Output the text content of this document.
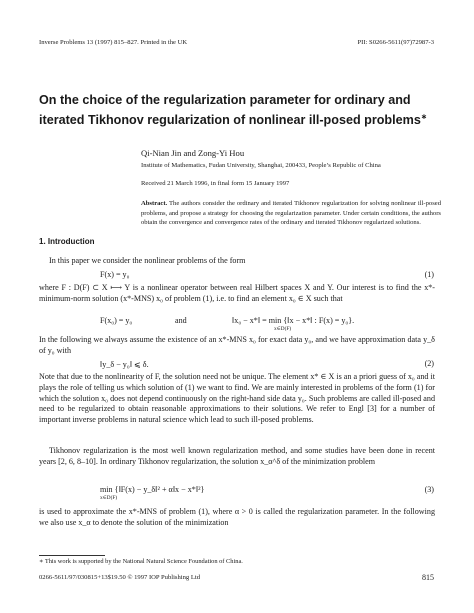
Inverse Problems 13 (1997) 815–827. Printed in the UK	PII: S0266-5611(97)72987-3
On the choice of the regularization parameter for ordinary and iterated Tikhonov regularization of nonlinear ill-posed problems∗
Qi-Nian Jin and Zong-Yi Hou
Institute of Mathematics, Fudan University, Shanghai, 200433, People’s Republic of China
Received 21 March 1996, in final form 15 January 1997
Abstract. The authors consider the ordinary and iterated Tikhonov regularization for solving nonlinear ill-posed problems, and propose a strategy for choosing the regularization parameter. Under certain conditions, the authors obtain the convergence and convergence rates of the ordinary and iterated Tikhonov regularized solutions.
1. Introduction
In this paper we consider the nonlinear problems of the form
F(x) = y₀	(1)
where F : D(F) ⊂ X ⟼ Y is a nonlinear operator between real Hilbert spaces X and Y. Our interest is to find the x*-minimum-norm solution (x*-MNS) x₀ of problem (1), i.e. to find an element x₀ ∈ X such that
F(x₀) = y₀	and	‖x₀ − x*‖ = min {‖x − x*‖ : F(x) = y₀}.
x∈D(F)
In the following we always assume the existence of an x*-MNS x₀ for exact data y₀, and we have approximation data y_δ of y₀ with
‖y_δ − y₀‖ ⩽ δ.	(2)
Note that due to the nonlinearity of F, the solution need not be unique. The element x* ∈ X is an a priori guess of x₀ and it plays the role of telling us which solution of (1) we want to find. We are mainly interested in problems of the form (1) for which the solution x₀ does not depend continuously on the right-hand side data y₀. Such problems are called ill-posed and need to be regularized to obtain reasonable approximations to their solutions. We refer to Engl [3] for a number of important inverse problems in natural science which lead to such ill-posed problems.
Tikhonov regularization is the most well known regularization method, and some studies have been done in recent years [2, 6, 8–10]. In ordinary Tikhonov regularization, the solution x_α^δ of the minimization problem
min {‖F(x) − y_δ‖² + α‖x − x*‖²}
x∈D(F)
(3)
is used to approximate the x*-MNS of problem (1), where α > 0 is called the regularization parameter. In the following we also use x_α to denote the solution of the minimization
∗ This work is supported by the National Natural Science Foundation of China.
0266-5611/97/030815+13$19.50 © 1997 IOP Publishing Ltd	815
